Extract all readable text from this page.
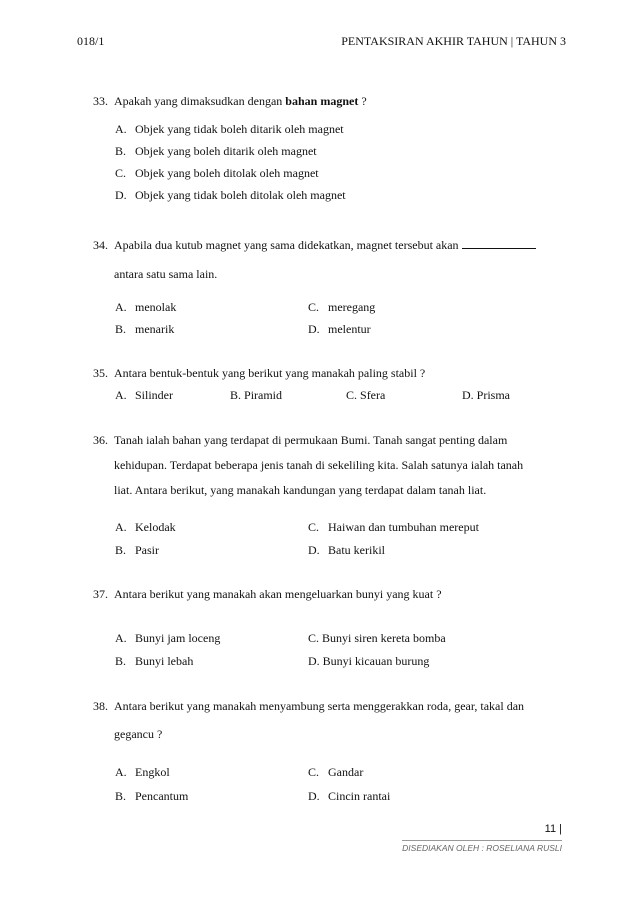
018/1	PENTAKSIRAN AKHIR TAHUN | TAHUN 3
33. Apakah yang dimaksudkan dengan bahan magnet ?
A. Objek yang tidak boleh ditarik oleh magnet
B. Objek yang boleh ditarik oleh magnet
C. Objek yang boleh ditolak oleh magnet
D. Objek yang tidak boleh ditolak oleh magnet
34. Apabila dua kutub magnet yang sama didekatkan, magnet tersebut akan
antara satu sama lain.
A. menolak
B. menarik
C. meregang
D. melentur
35. Antara bentuk-bentuk yang berikut yang manakah paling stabil ?
A. Silinder	B. Piramid	C. Sfera	D. Prisma
36. Tanah ialah bahan yang terdapat di permukaan Bumi. Tanah sangat penting dalam
kehidupan. Terdapat beberapa jenis tanah di sekeliling kita. Salah satunya ialah tanah
liat. Antara berikut, yang manakah kandungan yang terdapat dalam tanah liat.
A. Kelodak
B. Pasir
C. Haiwan dan tumbuhan mereput
D. Batu kerikil
37. Antara berikut yang manakah akan mengeluarkan bunyi yang kuat ?
A. Bunyi jam loceng
B. Bunyi lebah
C. Bunyi siren kereta bomba
D. Bunyi kicauan burung
38. Antara berikut yang manakah menyambung serta menggerakkan roda, gear, takal dan
gegancu ?
A. Engkol
B. Pencantum
C. Gandar
D. Cincin rantai
11 |
DISEDIAKAN OLEH : ROSELIANA RUSLI
